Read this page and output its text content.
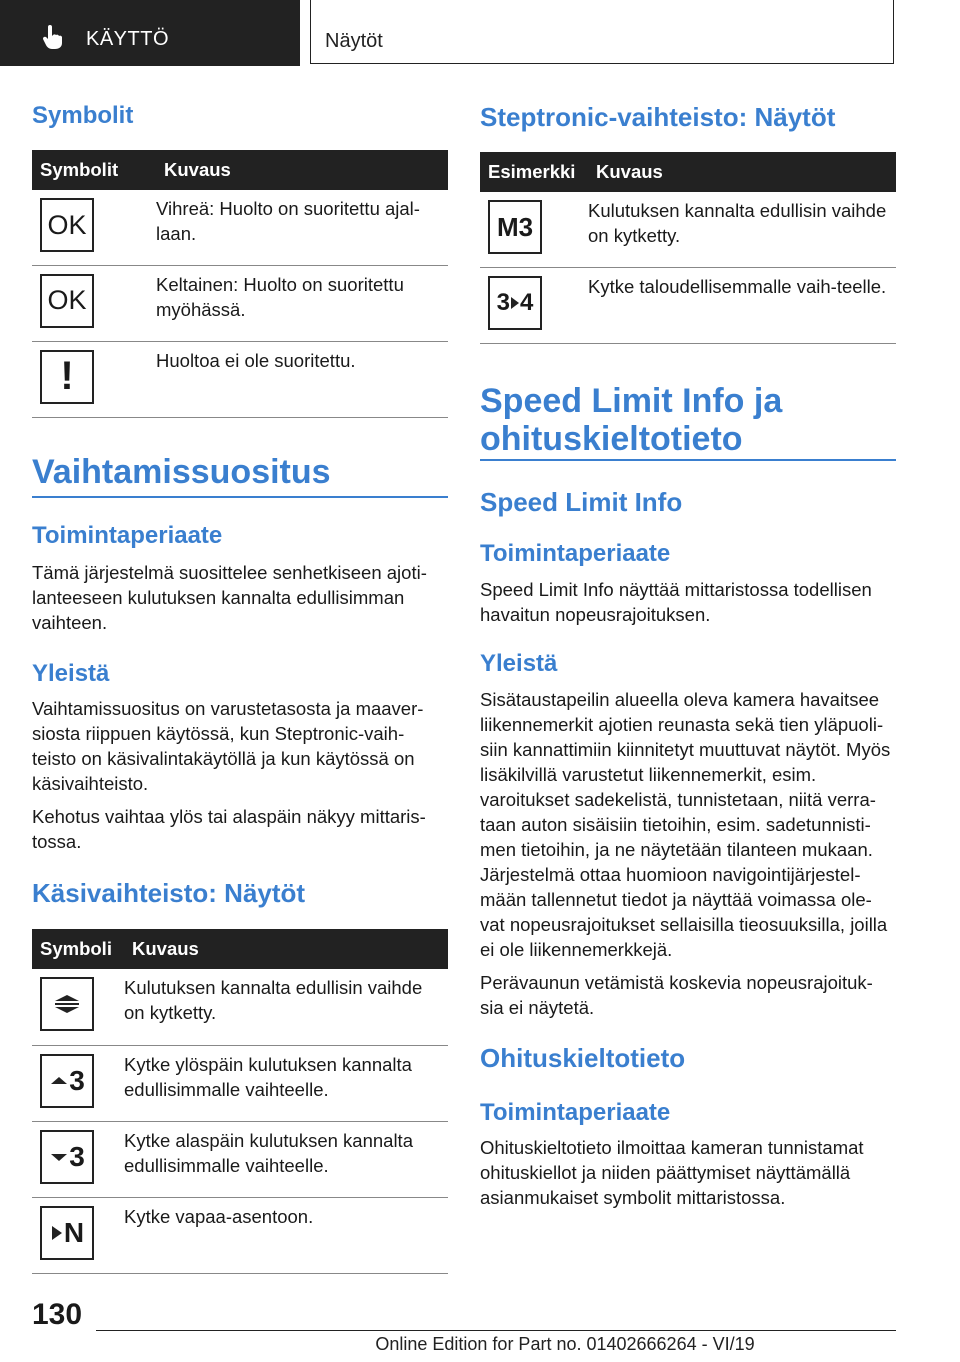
KÄYTTÖ	Näytöt

Symbolit

Symbolit	Kuvaus

OK	Vihreä: Huolto on suoritettu ajal-laan.

OK	Keltainen: Huolto on suoritettu myöhässä.

!	Huoltoa ei ole suoritettu.

Vaihtamissuositus

Toimintaperiaate

Tämä järjestelmä suosittelee senhetkiseen ajoti-lanteeseen kulutuksen kannalta edullisimman vaihteen.

Yleistä

Vaihtamissuositus on varustetasosta ja maaver-siosta riippuen käytössä, kun Steptronic-vaih-teisto on käsivalintakäytöllä ja kun käytössä on käsivaihteisto.

Kehotus vaihtaa ylös tai alaspäin näkyy mittaris-tossa.

Käsivaihteisto: Näytöt

Symboli	Kuvaus

	Kulutuksen kannalta edullisin vaihde on kytketty.

3	Kytke ylöspäin kulutuksen kannalta edullisimmalle vaihteelle.

3	Kytke alaspäin kulutuksen kannalta edullisimmalle vaihteelle.

N	Kytke vapaa-asentoon.

Steptronic-vaihteisto: Näytöt

Esimerkki	Kuvaus

M3	Kulutuksen kannalta edullisin vaihde on kytketty.

3 4	Kytke taloudellisemmalle vaih-teelle.

Speed Limit Info ja ohituskieltotieto

Speed Limit Info

Toimintaperiaate

Speed Limit Info näyttää mittaristossa todellisen havaitun nopeusrajoituksen.

Yleistä

Sisätaustapeilin alueella oleva kamera havaitsee liikennemerkit ajotien reunasta sekä tien yläpuoli-siin kannattimiin kiinnitetyt muuttuvat näytöt. Myös lisäkilvillä varustetut liikennemerkit, esim. varoitukset sadekelistä, tunnistetaan, niitä verra-taan auton sisäisiin tietoihin, esim. sadetunnisti-men tietoihin, ja ne näytetään tilanteen mukaan. Järjestelmä ottaa huomioon navigointijärjestel-mään tallennetut tiedot ja näyttää voimassa ole-vat nopeusrajoitukset sellaisilla tieosuuksilla, joilla ei ole liikennemerkkejä.

Perävaunun vetämistä koskevia nopeusrajoituk-sia ei näytetä.

Ohituskieltotieto

Toimintaperiaate

Ohituskieltotieto ilmoittaa kameran tunnistamat ohituskiellot ja niiden päättymiset näyttämällä asianmukaiset symbolit mittaristossa.

130
Online Edition for Part no. 01402666264 - VI/19
